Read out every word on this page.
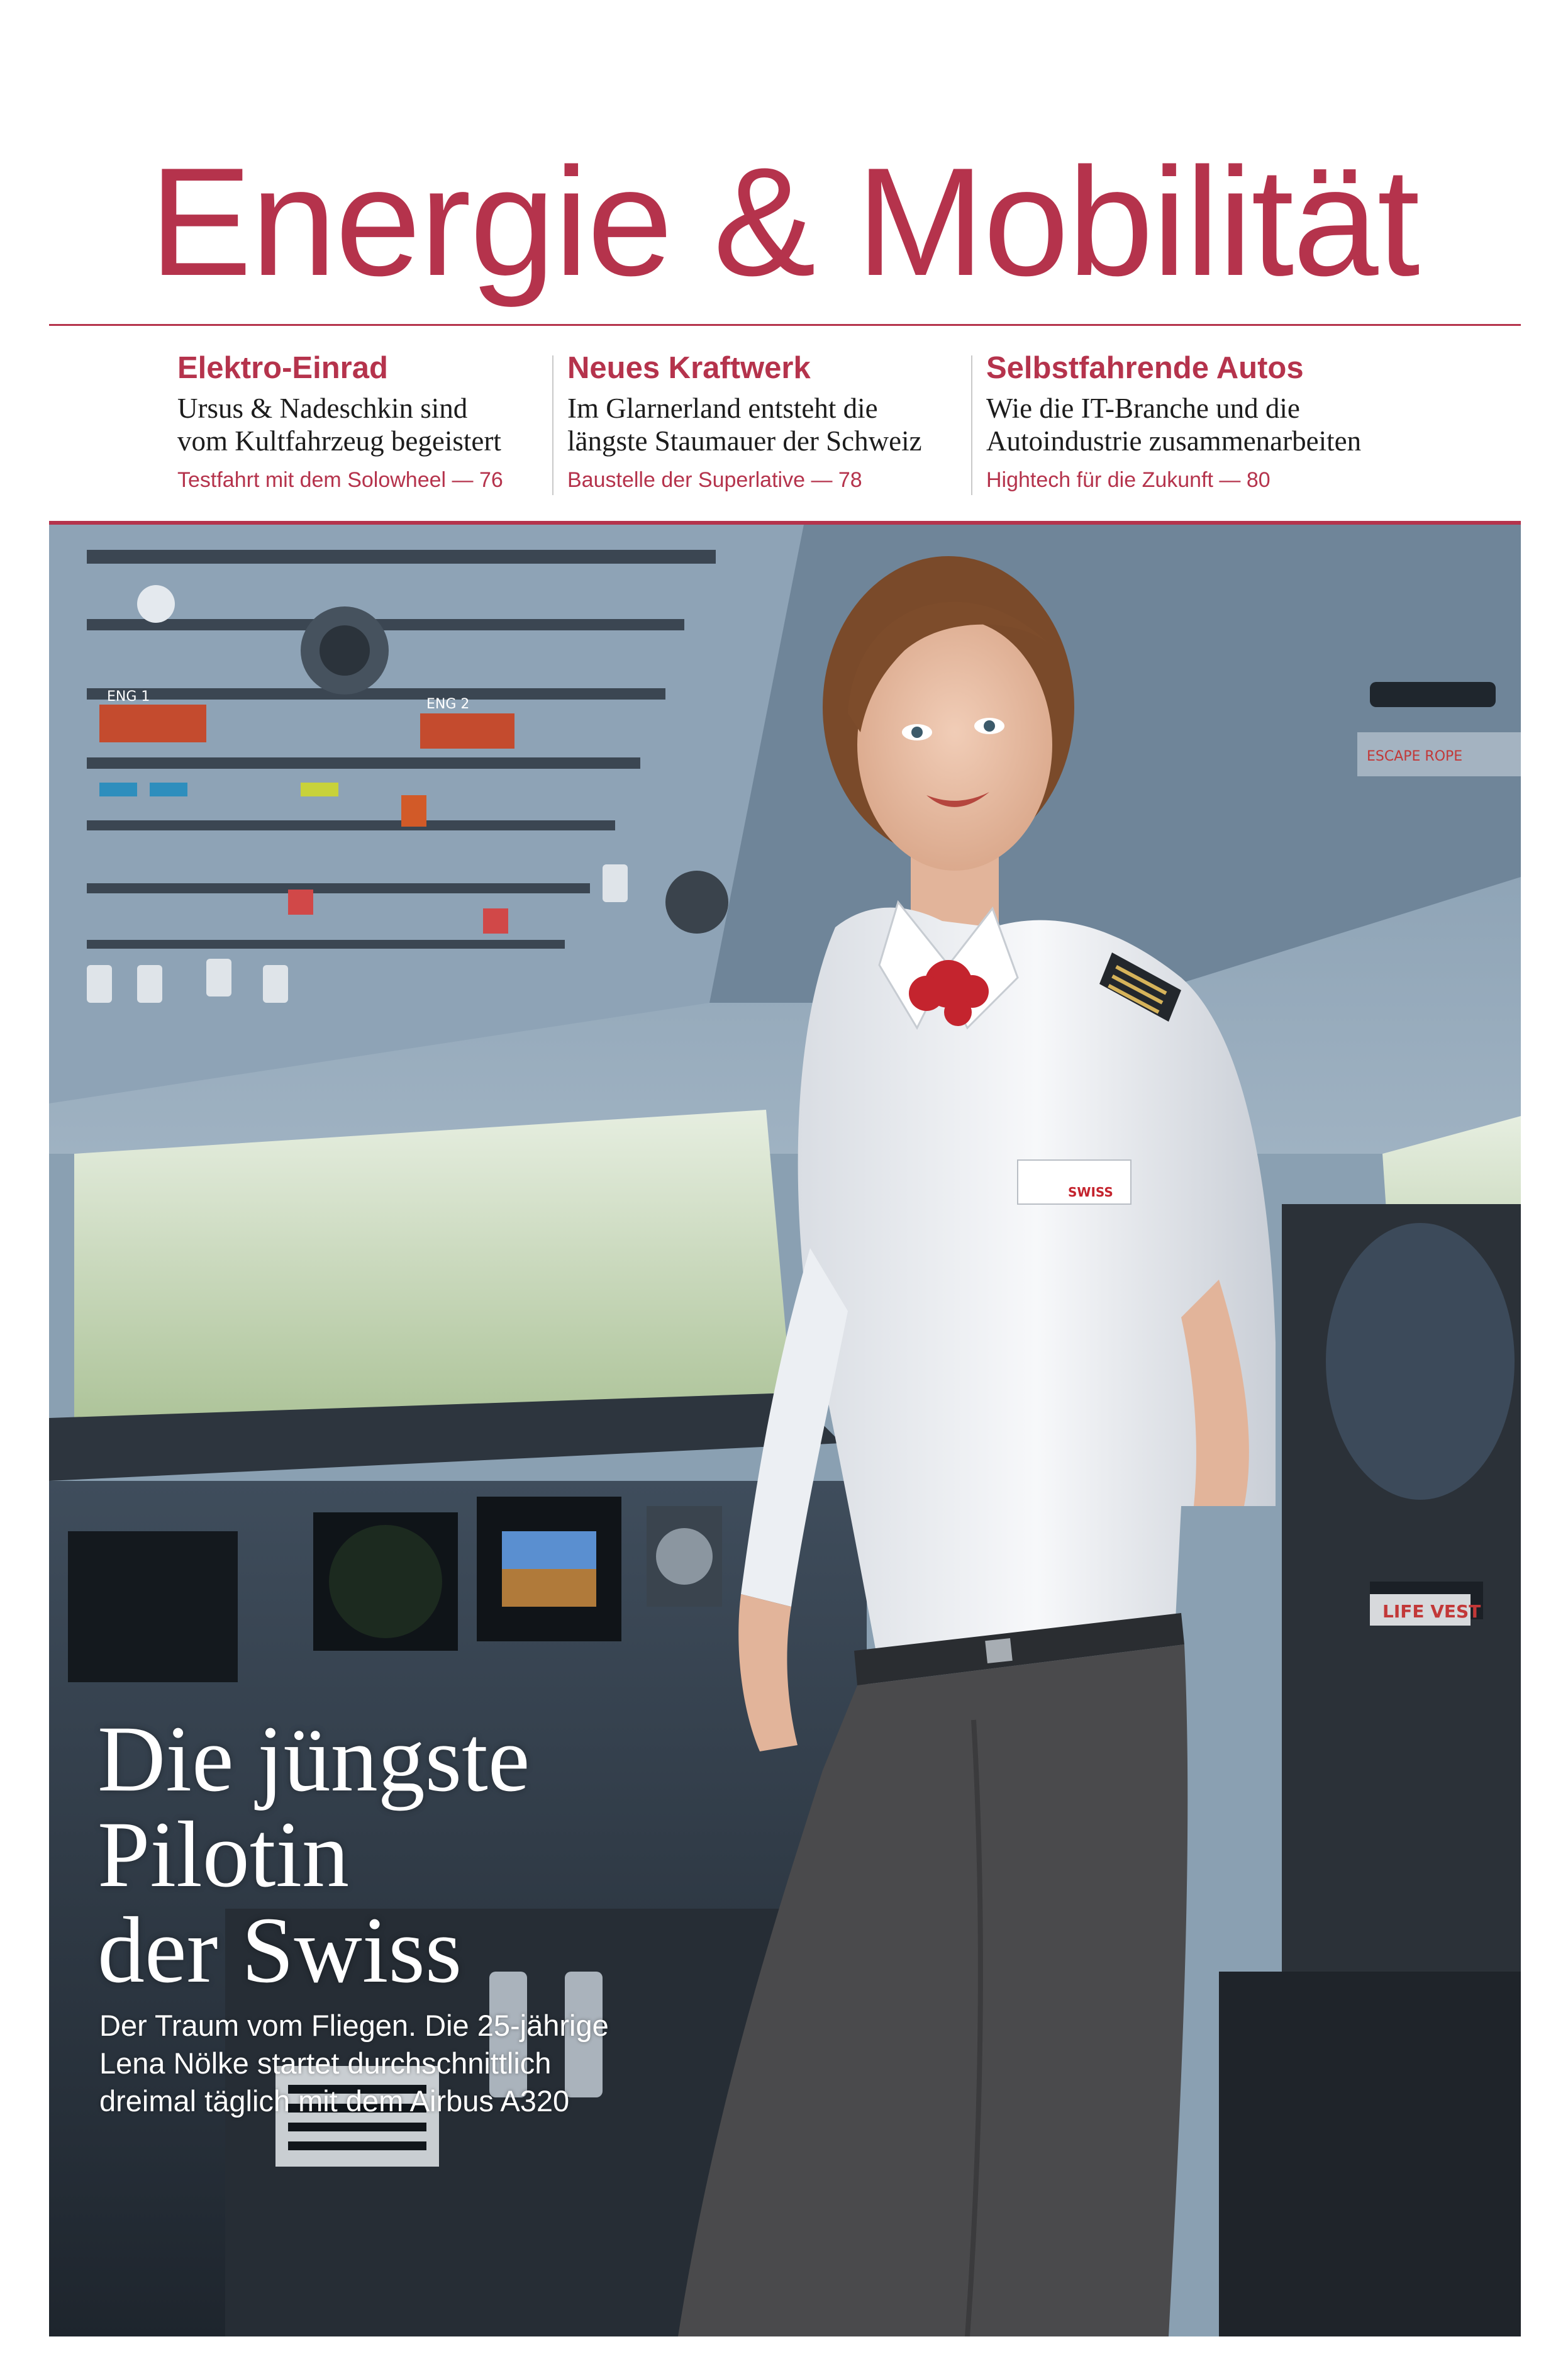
Energie & Mobilität
Elektro-Einrad
Ursus & Nadeschkin sind
vom Kultfahrzeug begeistert
Testfahrt mit dem Solowheel — 76
Neues Kraftwerk
Im Glarnerland entsteht die
längste Staumauer der Schweiz
Baustelle der Superlative — 78
Selbstfahrende Autos
Wie die IT-Branche und die
Autoindustrie zusammenarbeiten
Hightech für die Zukunft — 80
ENG 1	ENG 2
ESCAPE ROPE
LIFE VEST
SWISS
Die jüngste
Pilotin
der Swiss
Der Traum vom Fliegen. Die 25-jährige
Lena Nölke startet durchschnittlich
dreimal täglich mit dem Airbus A320
